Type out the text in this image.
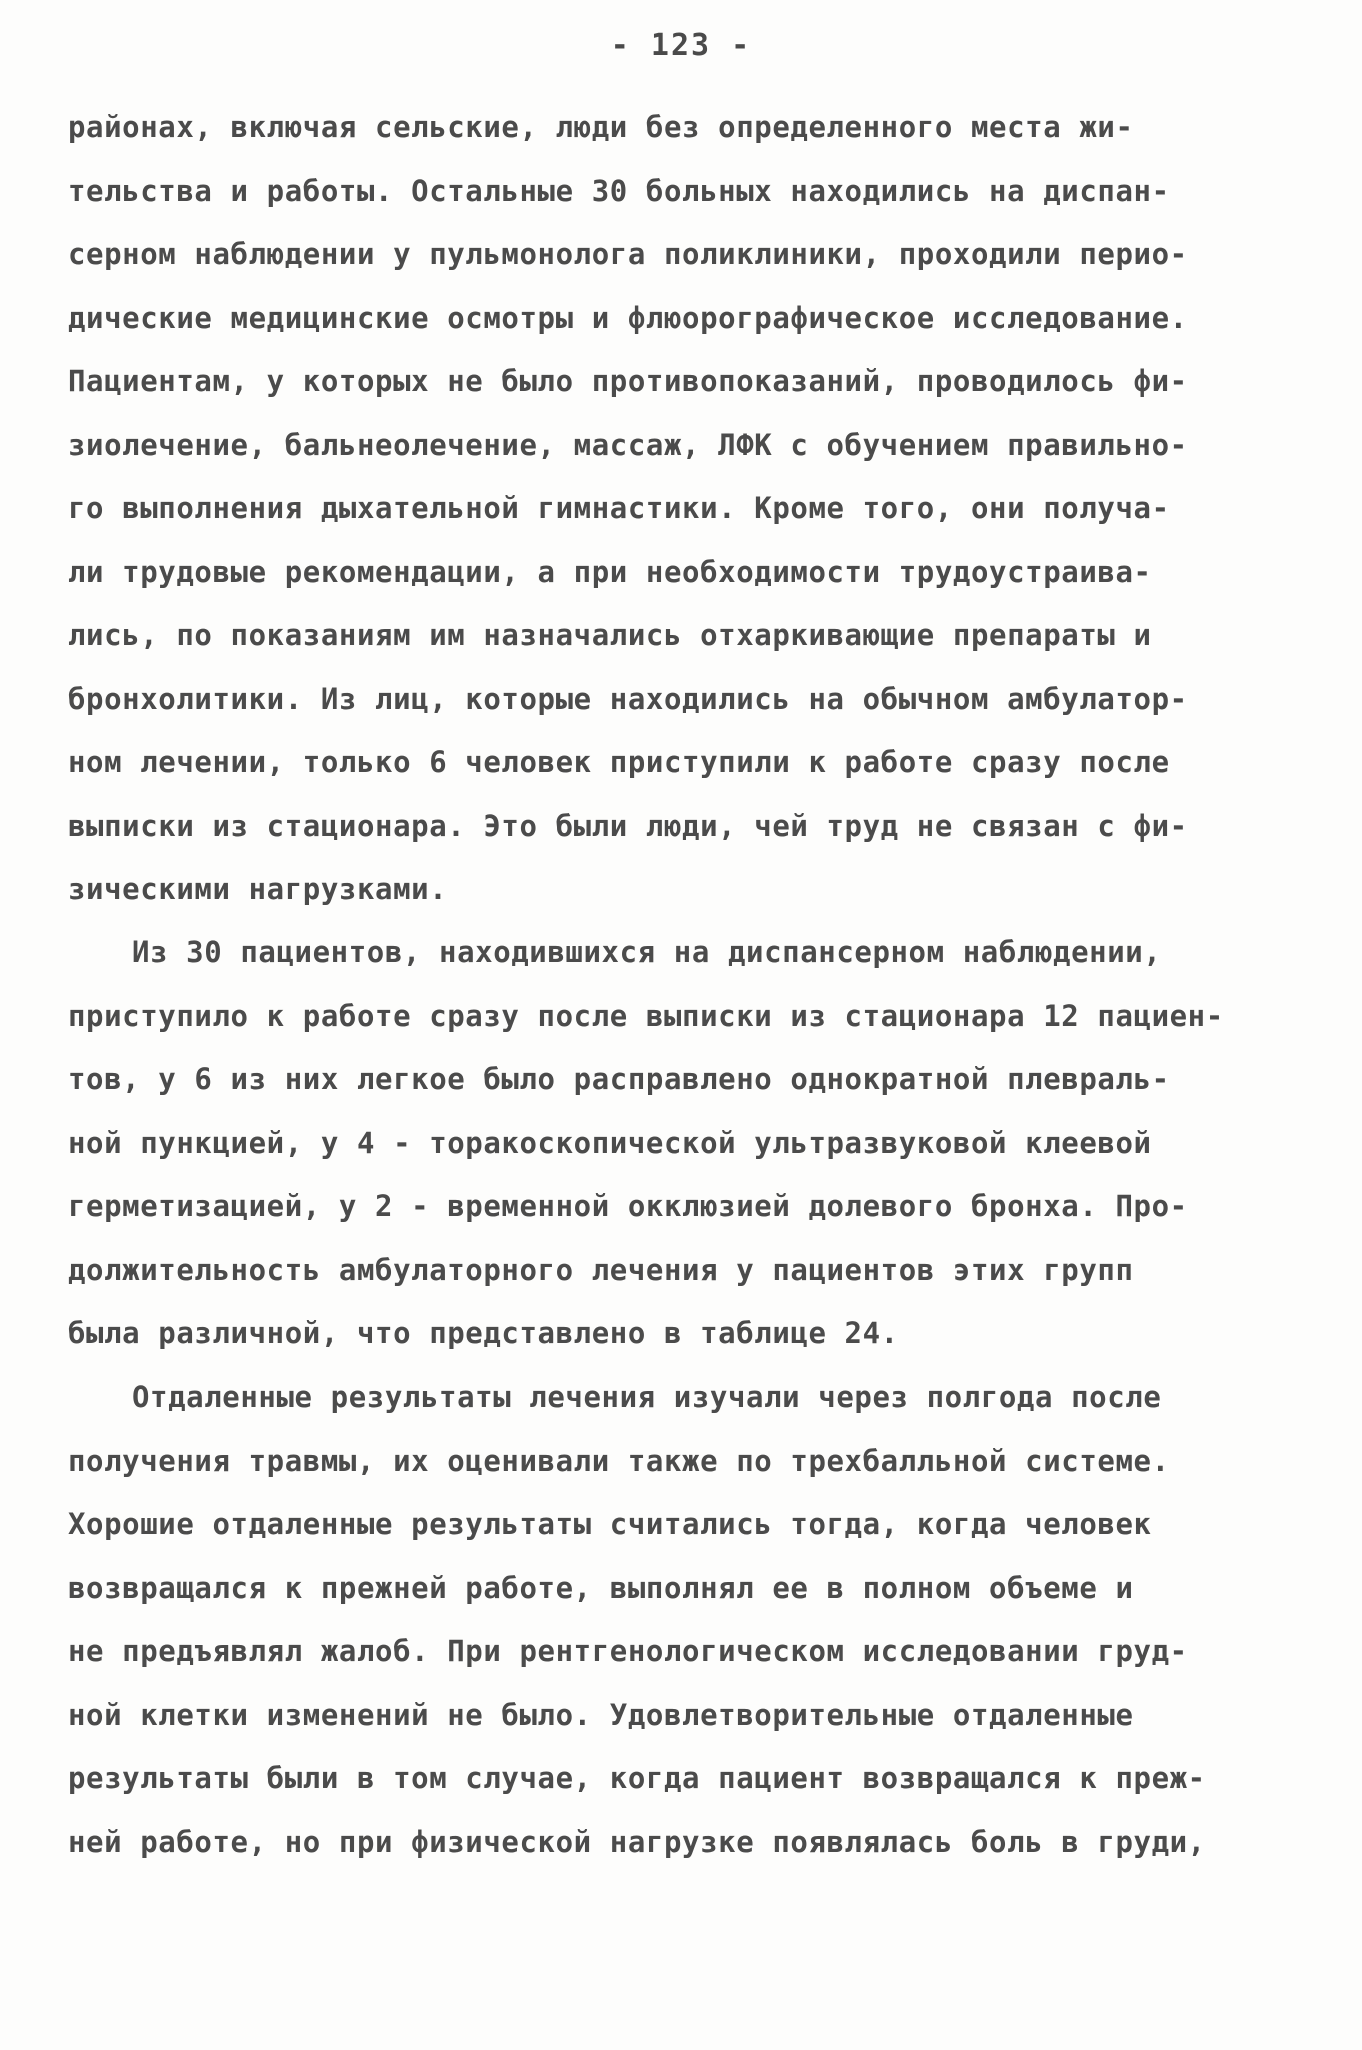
- 123 -
районах, включая сельские, люди без определенного места жи-
тельства и работы. Остальные 30 больных находились на диспан-
серном наблюдении у пульмонолога поликлиники, проходили перио-
дические медицинские осмотры и флюорографическое исследование.
Пациентам, у которых не было противопоказаний, проводилось фи-
зиолечение, бальнеолечение, массаж, ЛФК с обучением правильно-
го выполнения дыхательной гимнастики. Кроме того, они получа-
ли трудовые рекомендации, а при необходимости трудоустраива-
лись, по показаниям им назначались отхаркивающие препараты и
бронхолитики. Из лиц, которые находились на обычном амбулатор-
ном лечении, только 6 человек приступили к работе сразу после
выписки из стационара. Это были люди, чей труд не связан с фи-
зическими нагрузками.
Из 30 пациентов, находившихся на диспансерном наблюдении,
приступило к работе сразу после выписки из стационара 12 пациен-
тов, у 6 из них легкое было расправлено однократной плевраль-
ной пункцией, у 4 - торакоскопической ультразвуковой клеевой
герметизацией, у 2 - временной окклюзией долевого бронха. Про-
должительность амбулаторного лечения у пациентов этих групп
была различной, что представлено в таблице 24.
Отдаленные результаты лечения изучали через полгода после
получения травмы, их оценивали также по трехбалльной системе.
Хорошие отдаленные результаты считались тогда, когда человек
возвращался к прежней работе, выполнял ее в полном объеме и
не предъявлял жалоб. При рентгенологическом исследовании груд-
ной клетки изменений не было. Удовлетворительные отдаленные
результаты были в том случае, когда пациент возвращался к преж-
ней работе, но при физической нагрузке появлялась боль в груди,
